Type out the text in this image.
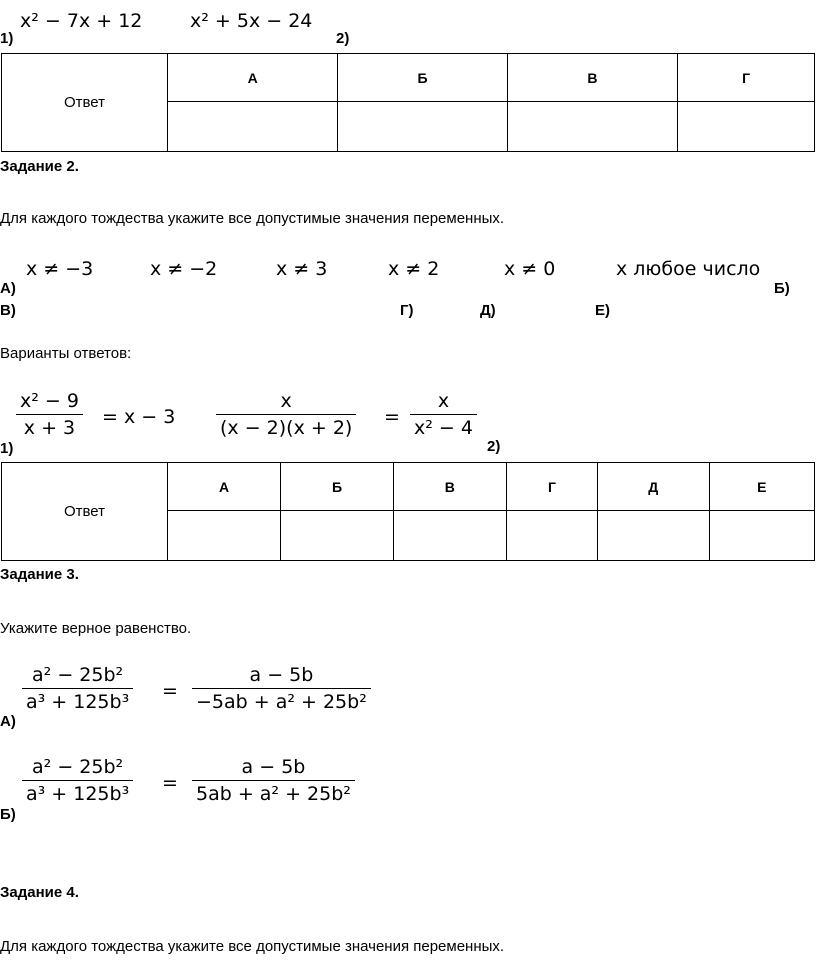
x² − 7x + 12
1)
x² + 5x − 24
2)
Ответ	А	Б	В	Г

Задание 2.
Для каждого тождества укажите все допустимые значения переменных.
x ≠ −3	x ≠ −2	x ≠ 3	x ≠ 2	x ≠ 0	x любое число
А)	Б)
В)	Г)	Д)	Е)
Варианты ответов:
x² − 9
x + 3 = x − 3
1)
x
(x − 2)(x + 2) =
x
x² − 4
2)
Ответ	А	Б	В	Г	Д	Е

Задание 3.
Укажите верное равенство.
a² − 25b²
a³ + 125b³ =
a − 5b
−5ab + a² + 25b²
А)
a² − 25b²
a³ + 125b³ =
a − 5b
5ab + a² + 25b²
Б)
Задание 4.
Для каждого тождества укажите все допустимые значения переменных.
